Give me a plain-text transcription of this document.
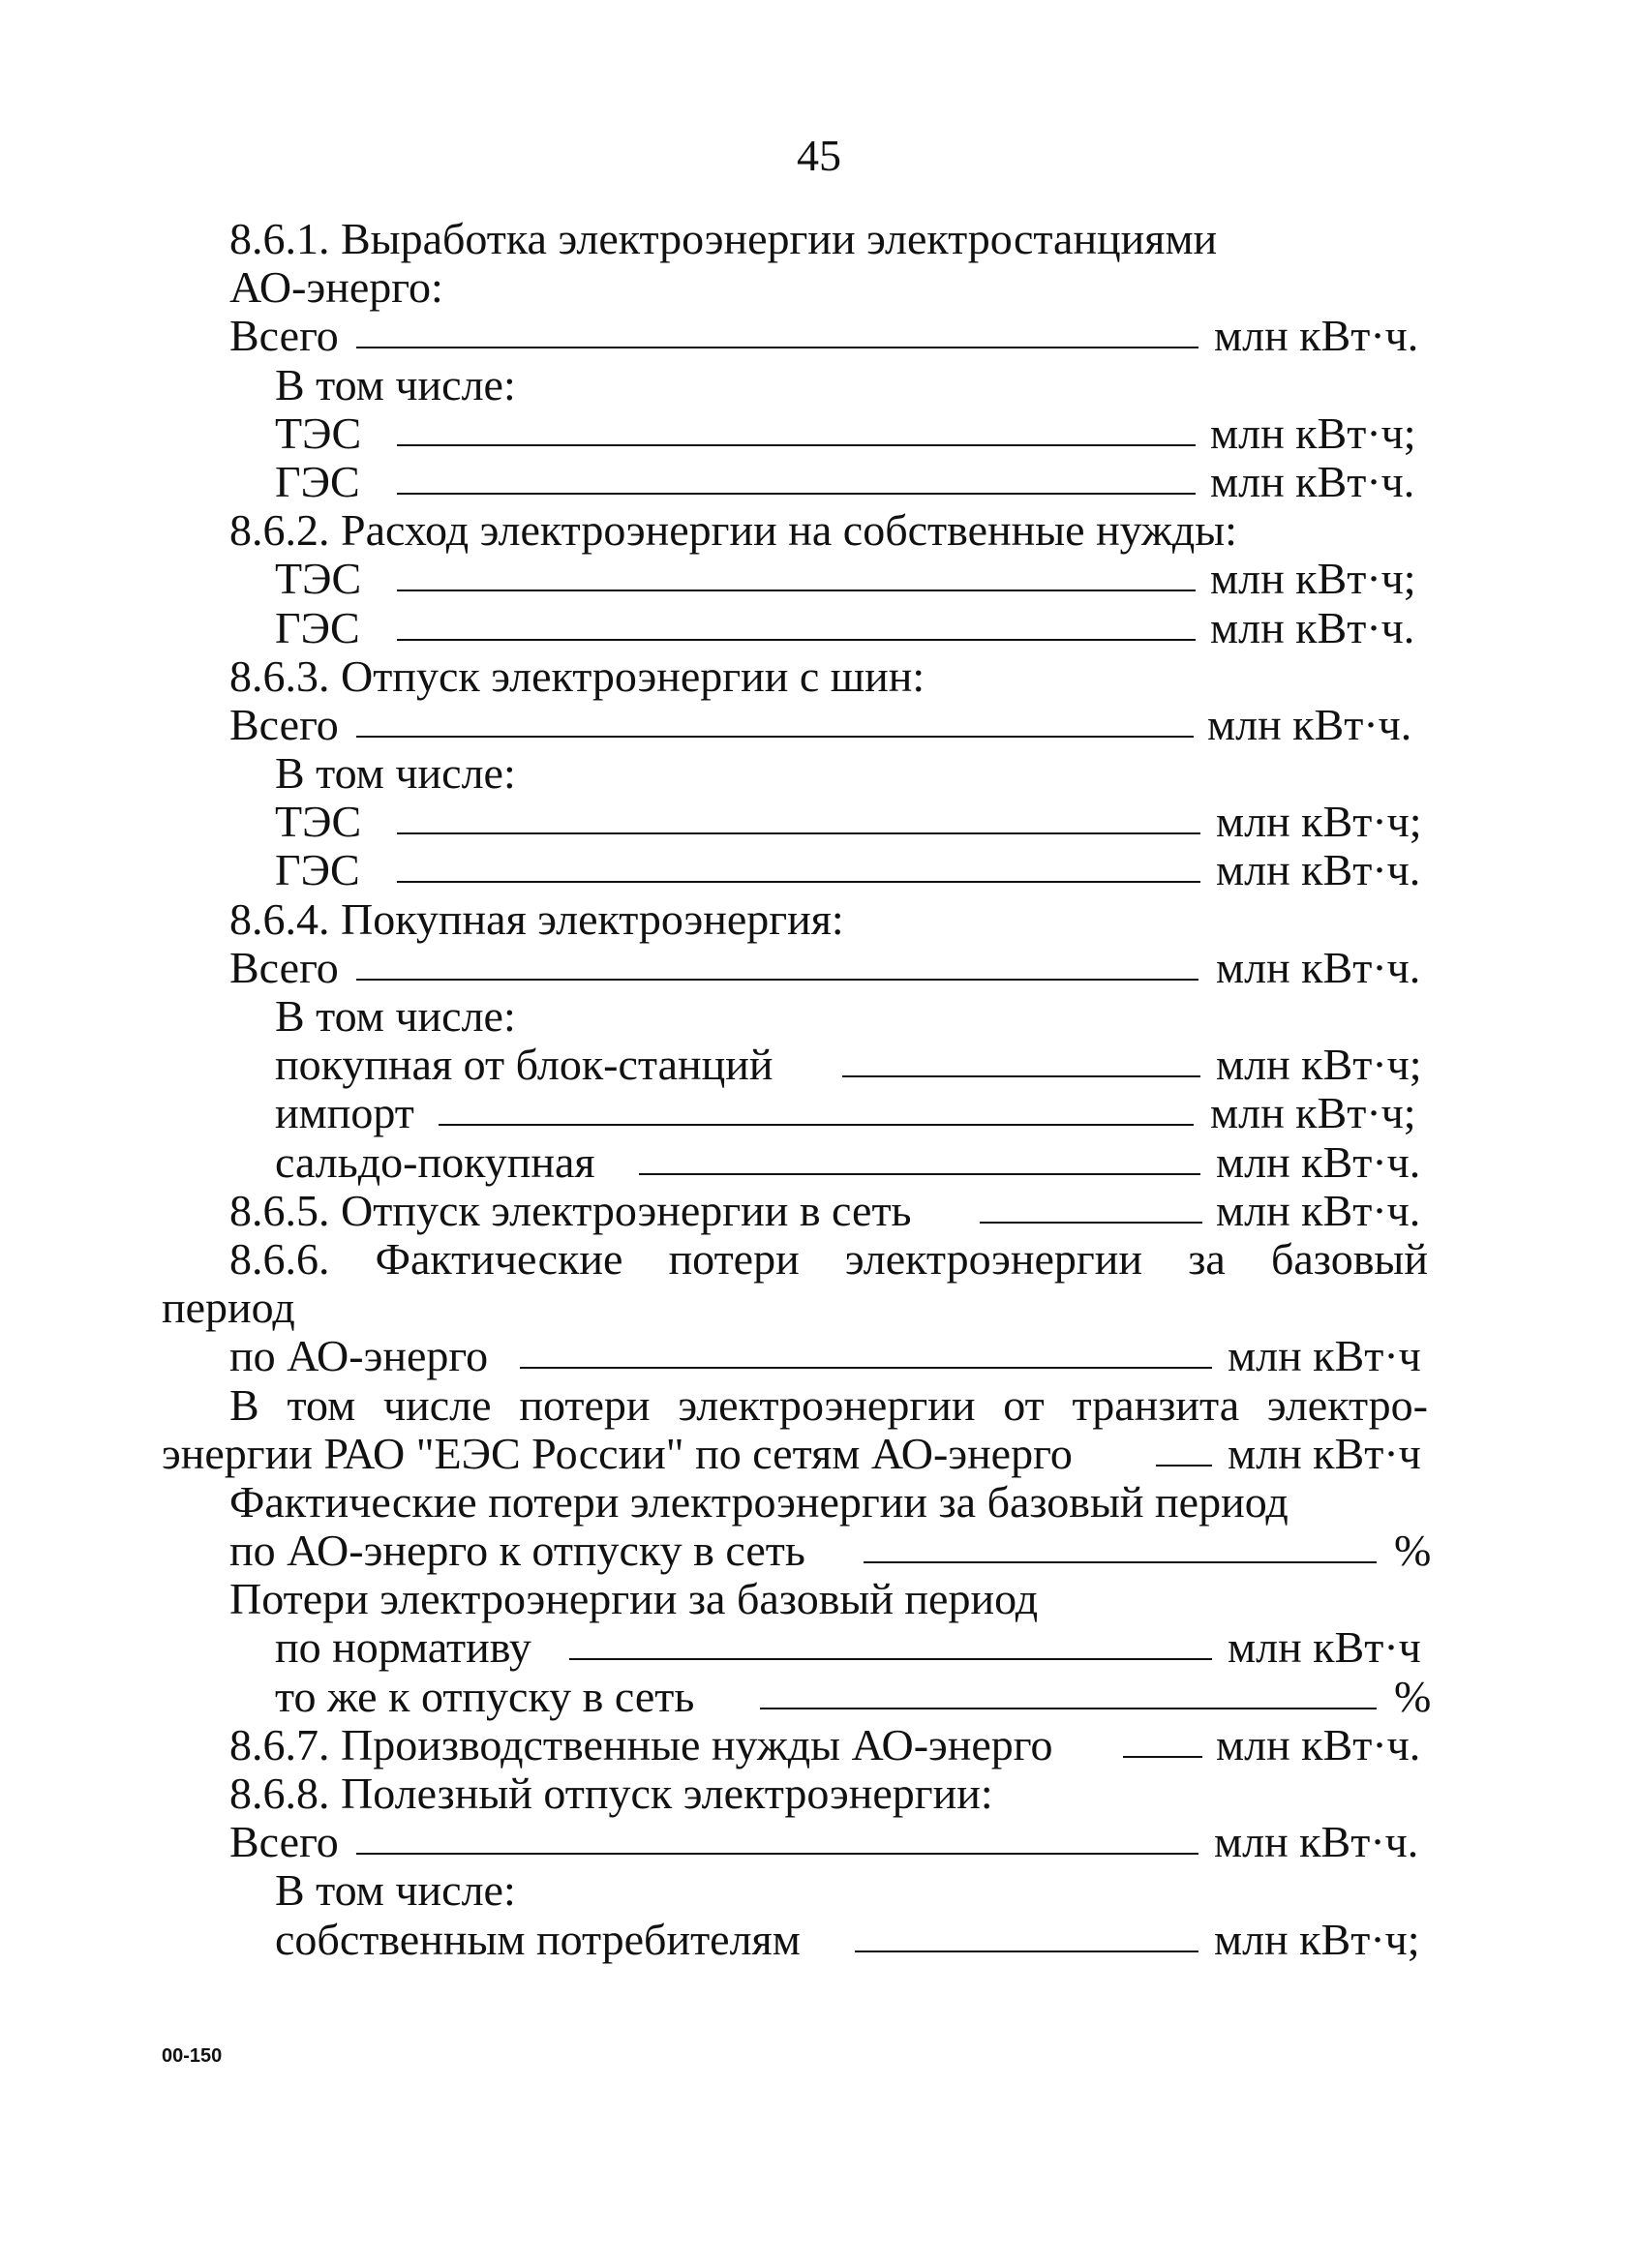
45
8.6.1. Выработка электроэнергии электростанциями
АО-энерго:
Всего	млн кВт·ч.
В том числе:
ТЭС	млн кВт·ч;
ГЭС	млн кВт·ч.
8.6.2. Расход электроэнергии на собственные нужды:
ТЭС	млн кВт·ч;
ГЭС	млн кВт·ч.
8.6.3. Отпуск электроэнергии с шин:
Всего	млн кВт·ч.
В том числе:
ТЭС	млн кВт·ч;
ГЭС	млн кВт·ч.
8.6.4. Покупная электроэнергия:
Всего	млн кВт·ч.
В том числе:
покупная от блок-станций	млн кВт·ч;
импорт	млн кВт·ч;
сальдо-покупная	млн кВт·ч.
8.6.5. Отпуск электроэнергии в сеть	млн кВт·ч.
8.6.6. Фактические потери электроэнергии за базовый
период
по АО-энерго	млн кВт·ч
В том числе потери электроэнергии от транзита электро-
энергии РАО "ЕЭС России" по сетям АО-энерго	млн кВт·ч
Фактические потери электроэнергии за базовый период
по АО-энерго к отпуску в сеть	%
Потери электроэнергии за базовый период
по нормативу	млн кВт·ч
то же к отпуску в сеть	%
8.6.7. Производственные нужды АО-энерго	млн кВт·ч.
8.6.8. Полезный отпуск электроэнергии:
Всего	млн кВт·ч.
В том числе:
собственным потребителям	млн кВт·ч;
00-150
